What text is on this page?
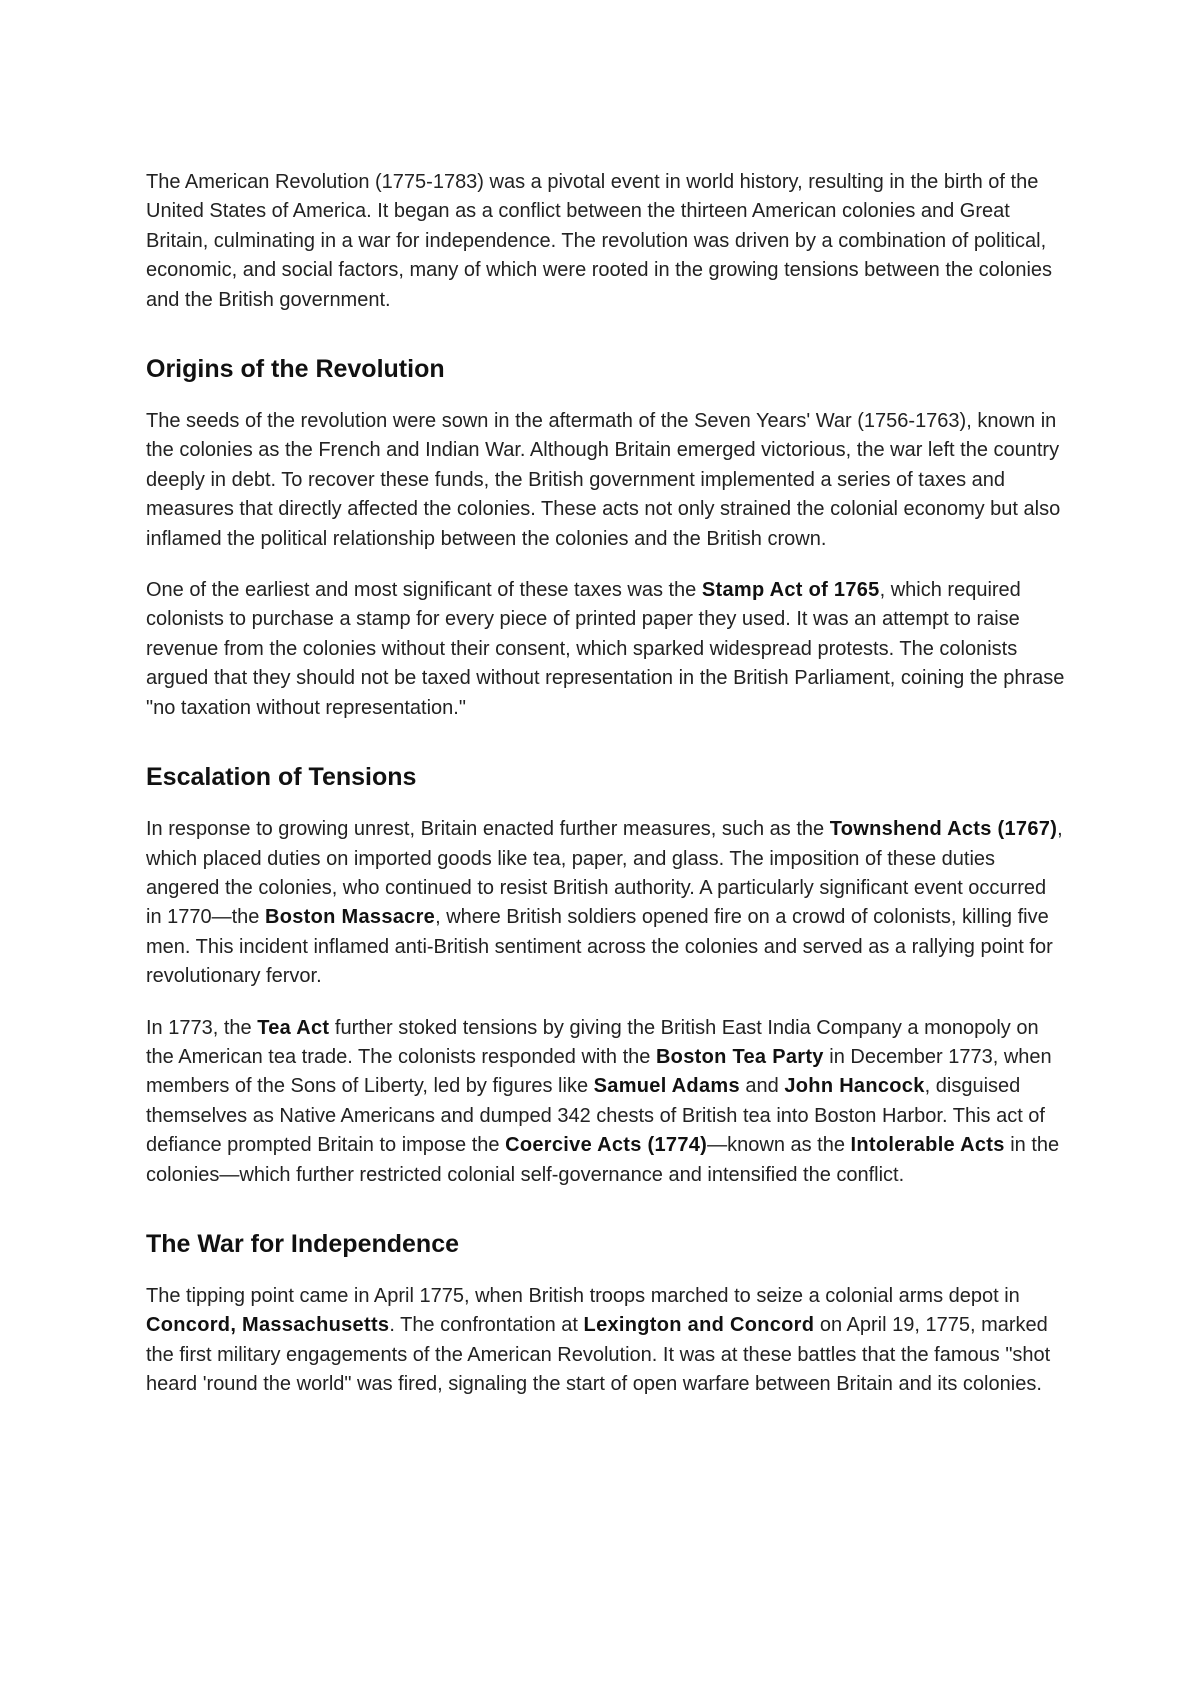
The American Revolution (1775-1783) was a pivotal event in world history, resulting in the birth of the United States of America. It began as a conflict between the thirteen American colonies and Great Britain, culminating in a war for independence. The revolution was driven by a combination of political, economic, and social factors, many of which were rooted in the growing tensions between the colonies and the British government.

Origins of the Revolution

The seeds of the revolution were sown in the aftermath of the Seven Years' War (1756-1763), known in the colonies as the French and Indian War. Although Britain emerged victorious, the war left the country deeply in debt. To recover these funds, the British government implemented a series of taxes and measures that directly affected the colonies. These acts not only strained the colonial economy but also inflamed the political relationship between the colonies and the British crown.

One of the earliest and most significant of these taxes was the Stamp Act of 1765, which required colonists to purchase a stamp for every piece of printed paper they used. It was an attempt to raise revenue from the colonies without their consent, which sparked widespread protests. The colonists argued that they should not be taxed without representation in the British Parliament, coining the phrase "no taxation without representation."

Escalation of Tensions

In response to growing unrest, Britain enacted further measures, such as the Townshend Acts (1767), which placed duties on imported goods like tea, paper, and glass. The imposition of these duties angered the colonies, who continued to resist British authority. A particularly significant event occurred in 1770—the Boston Massacre, where British soldiers opened fire on a crowd of colonists, killing five men. This incident inflamed anti-British sentiment across the colonies and served as a rallying point for revolutionary fervor.

In 1773, the Tea Act further stoked tensions by giving the British East India Company a monopoly on the American tea trade. The colonists responded with the Boston Tea Party in December 1773, when members of the Sons of Liberty, led by figures like Samuel Adams and John Hancock, disguised themselves as Native Americans and dumped 342 chests of British tea into Boston Harbor. This act of defiance prompted Britain to impose the Coercive Acts (1774)—known as the Intolerable Acts in the colonies—which further restricted colonial self-governance and intensified the conflict.

The War for Independence

The tipping point came in April 1775, when British troops marched to seize a colonial arms depot in Concord, Massachusetts. The confrontation at Lexington and Concord on April 19, 1775, marked the first military engagements of the American Revolution. It was at these battles that the famous "shot heard 'round the world" was fired, signaling the start of open warfare between Britain and its colonies.
